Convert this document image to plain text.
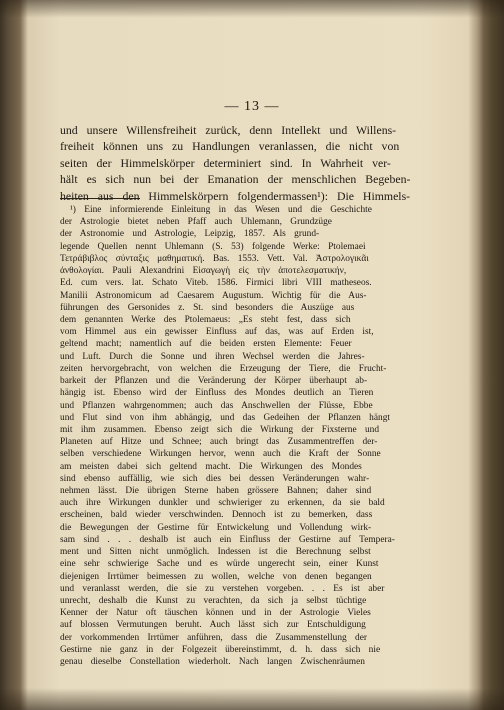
— 13 —
und unsere Willensfreiheit zurück, denn Intellekt und Willens-
freiheit können uns zu Handlungen veranlassen, die nicht von
seiten der Himmelskörper determiniert sind. In Wahrheit ver-
hält es sich nun bei der Emanation der menschlichen Begeben-
heiten aus den Himmelskörpern folgendermassen¹): Die Himmels-
¹) Eine informierende Einleitung in das Wesen und die Geschichte
der Astrologie bietet neben Pfaff auch Uhlemann, Grundzüge
der Astronomie und Astrologie, Leipzig, 1857. Als grund-
legende Quellen nennt Uhlemann (S. 53) folgende Werke: Ptolemaei
Τετράβιβλος σύνταξις μαθηματική. Bas. 1553. Vett. Val. Ἀστρολογικᾶι
ἀνθολογίαι. Pauli Alexandrini Εἰσαγωγὴ εἰς τὴν ἀποτελεσματικήν,
Ed. cum vers. lat. Schato Viteb. 1586. Firmici libri VIII matheseos.
Manilii Astronomicum ad Caesarem Augustum. Wichtig für die Aus-
führungen des Gersonides z. St. sind besonders die Auszüge aus
dem genannten Werke des Ptolemaeus: „Es steht fest, dass sich
vom Himmel aus ein gewisser Einfluss auf das, was auf Erden ist,
geltend macht; namentlich auf die beiden ersten Elemente: Feuer
und Luft. Durch die Sonne und ihren Wechsel werden die Jahres-
zeiten hervorgebracht, von welchen die Erzeugung der Tiere, die Frucht-
barkeit der Pflanzen und die Veränderung der Körper überhaupt ab-
hängig ist. Ebenso wird der Einfluss des Mondes deutlich an Tieren
und Pflanzen wahrgenommen; auch das Anschwellen der Flüsse, Ebbe
und Flut sind von ihm abhängig, und das Gedeihen der Pflanzen hängt
mit ihm zusammen. Ebenso zeigt sich die Wirkung der Fixsterne und
Planeten auf Hitze und Schnee; auch bringt das Zusammentreffen der-
selben verschiedene Wirkungen hervor, wenn auch die Kraft der Sonne
am meisten dabei sich geltend macht. Die Wirkungen des Mondes
sind ebenso auffällig, wie sich dies bei dessen Veränderungen wahr-
nehmen lässt. Die übrigen Sterne haben grössere Bahnen; daher sind
auch ihre Wirkungen dunkler und schwieriger zu erkennen, da sie bald
erscheinen, bald wieder verschwinden. Dennoch ist zu bemerken, dass
die Bewegungen der Gestirne für Entwickelung und Vollendung wirk-
sam sind . . . deshalb ist auch ein Einfluss der Gestirne auf Tempera-
ment und Sitten nicht unmöglich. Indessen ist die Berechnung selbst
eine sehr schwierige Sache und es würde ungerecht sein, einer Kunst
diejenigen Irrtümer beimessen zu wollen, welche von denen begangen
und veranlasst werden, die sie zu verstehen vorgeben. . . Es ist aber
unrecht, deshalb die Kunst zu verachten, da sich ja selbst tüchtige
Kenner der Natur oft täuschen können und in der Astrologie Vieles
auf blossen Vermutungen beruht. Auch lässt sich zur Entschuldigung
der vorkommenden Irrtümer anführen, dass die Zusammenstellung der
Gestirne nie ganz in der Folgezeit übereinstimmt, d. h. dass sich nie
genau dieselbe Constellation wiederholt. Nach langen Zwischenräumen
